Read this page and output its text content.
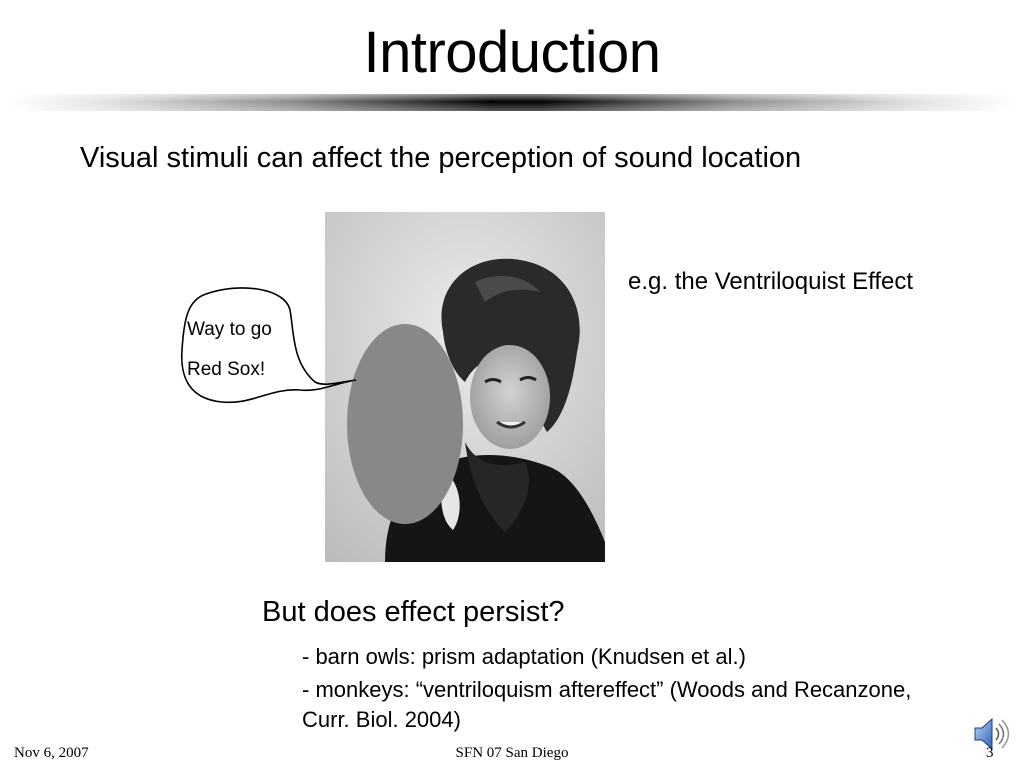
Introduction
Visual stimuli can affect the perception of sound location
e.g. the Ventriloquist Effect
Way to go
Red Sox!
But does effect persist?
- barn owls: prism adaptation (Knudsen et al.)
- monkeys: “ventriloquism aftereffect” (Woods and Recanzone, Curr. Biol. 2004)
Nov 6, 2007	SFN 07 San Diego	3
